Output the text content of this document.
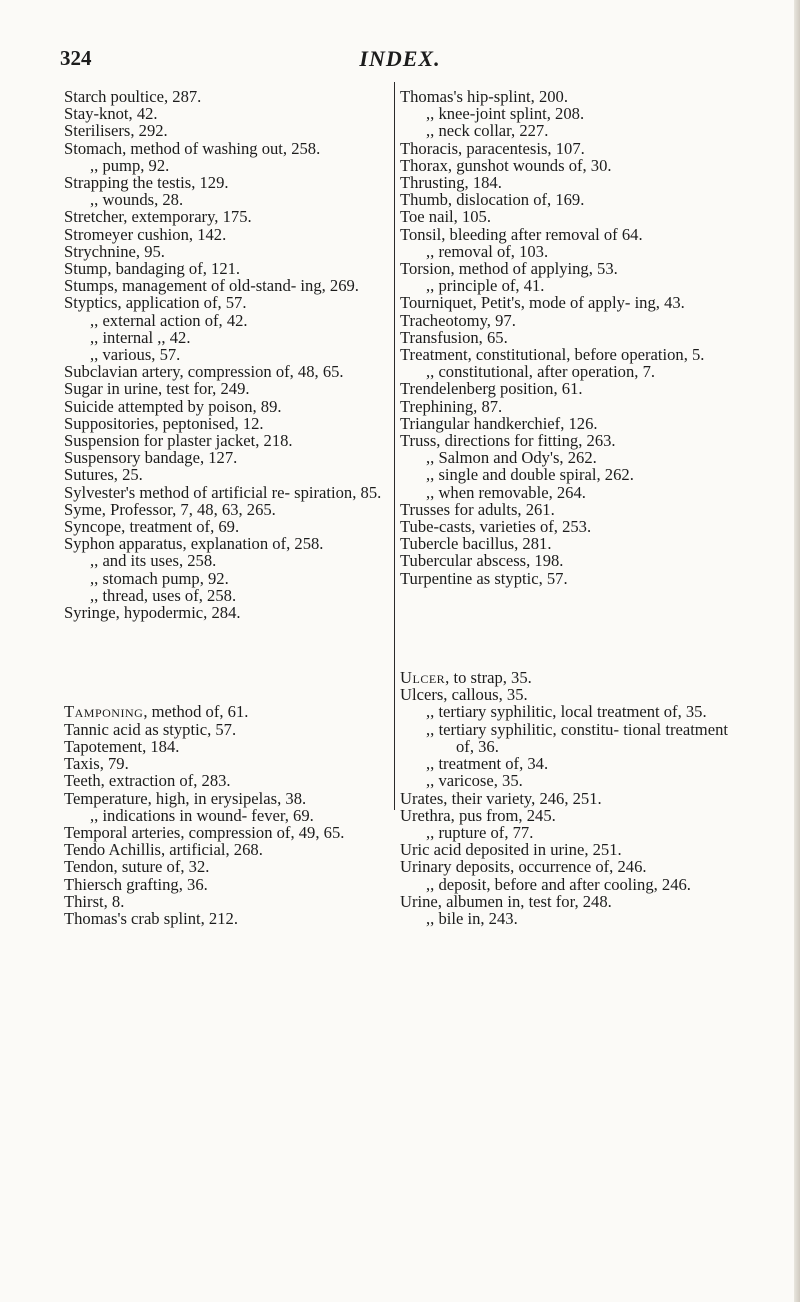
324	INDEX.

Starch poultice, 287.

Stay-knot, 42.

Sterilisers, 292.

Stomach, method of washing out, 258.

,, pump, 92.

Strapping the testis, 129.

,, wounds, 28.

Stretcher, extemporary, 175.

Stromeyer cushion, 142.

Strychnine, 95.

Stump, bandaging of, 121.

Stumps, management of old-stand- ing, 269.

Styptics, application of, 57.

,, external action of, 42.

,, internal ,, 42.

,, various, 57.

Subclavian artery, compression of, 48, 65.

Sugar in urine, test for, 249.

Suicide attempted by poison, 89.

Suppositories, peptonised, 12.

Suspension for plaster jacket, 218.

Suspensory bandage, 127.

Sutures, 25.

Sylvester's method of artificial re- spiration, 85.

Syme, Professor, 7, 48, 63, 265.

Syncope, treatment of, 69.

Syphon apparatus, explanation of, 258.

,, and its uses, 258.

,, stomach pump, 92.

,, thread, uses of, 258.

Syringe, hypodermic, 284.

Tamponing, method of, 61.

Tannic acid as styptic, 57.

Tapotement, 184.

Taxis, 79.

Teeth, extraction of, 283.

Temperature, high, in erysipelas, 38.

,, indications in wound- fever, 69.

Temporal arteries, compression of, 49, 65.

Tendo Achillis, artificial, 268.

Tendon, suture of, 32.

Thiersch grafting, 36.

Thirst, 8.

Thomas's crab splint, 212.

Thomas's hip-splint, 200.

,, knee-joint splint, 208.

,, neck collar, 227.

Thoracis, paracentesis, 107.

Thorax, gunshot wounds of, 30.

Thrusting, 184.

Thumb, dislocation of, 169.

Toe nail, 105.

Tonsil, bleeding after removal of 64.

,, removal of, 103.

Torsion, method of applying, 53.

,, principle of, 41.

Tourniquet, Petit's, mode of apply- ing, 43.

Tracheotomy, 97.

Transfusion, 65.

Treatment, constitutional, before operation, 5.

,, constitutional, after operation, 7.

Trendelenberg position, 61.

Trephining, 87.

Triangular handkerchief, 126.

Truss, directions for fitting, 263.

,, Salmon and Ody's, 262.

,, single and double spiral, 262.

,, when removable, 264.

Trusses for adults, 261.

Tube-casts, varieties of, 253.

Tubercle bacillus, 281.

Tubercular abscess, 198.

Turpentine as styptic, 57.

Ulcer, to strap, 35.

Ulcers, callous, 35.

,, tertiary syphilitic, local treatment of, 35.

,, tertiary syphilitic, constitu- tional treatment of, 36.

,, treatment of, 34.

,, varicose, 35.

Urates, their variety, 246, 251.

Urethra, pus from, 245.

,, rupture of, 77.

Uric acid deposited in urine, 251.

Urinary deposits, occurrence of, 246.

,, deposit, before and after cooling, 246.

Urine, albumen in, test for, 248.

,, bile in, 243.
